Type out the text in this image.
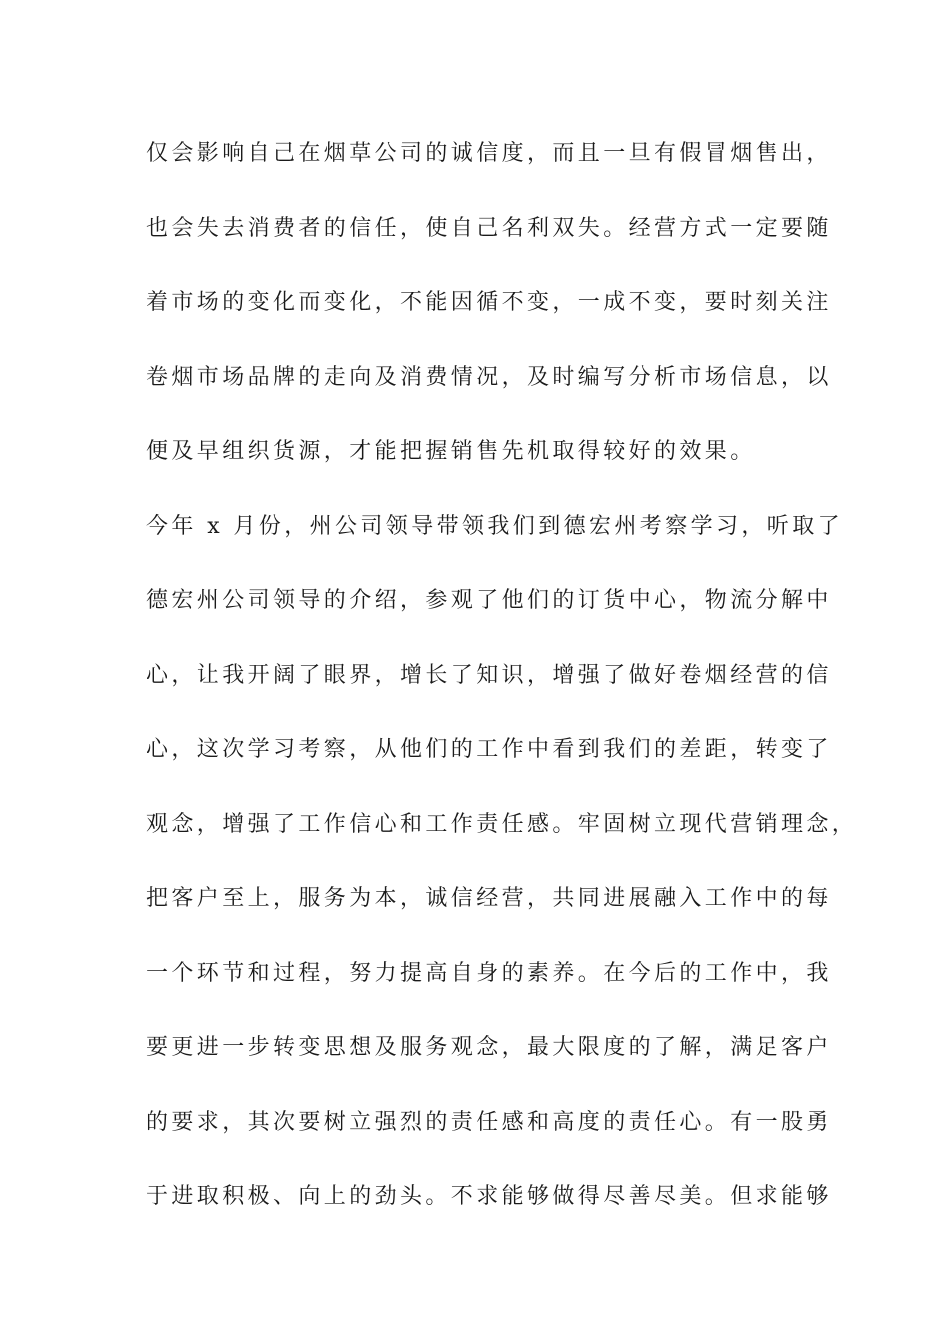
仅会影响自己在烟草公司的诚信度，而且一旦有假冒烟售出，
也会失去消费者的信任，使自己名利双失。经营方式一定要随
着市场的变化而变化，不能因循不变，一成不变，要时刻关注
卷烟市场品牌的走向及消费情况，及时编写分析市场信息，以
便及早组织货源，才能把握销售先机取得较好的效果。
今年 x 月份，州公司领导带领我们到德宏州考察学习，听取了
德宏州公司领导的介绍，参观了他们的订货中心，物流分解中
心，让我开阔了眼界，增长了知识，增强了做好卷烟经营的信
心，这次学习考察，从他们的工作中看到我们的差距，转变了
观念，增强了工作信心和工作责任感。牢固树立现代营销理念，
把客户至上，服务为本，诚信经营，共同进展融入工作中的每
一个环节和过程，努力提高自身的素养。在今后的工作中，我
要更进一步转变思想及服务观念，最大限度的了解，满足客户
的要求，其次要树立强烈的责任感和高度的责任心。有一股勇
于进取积极、向上的劲头。不求能够做得尽善尽美。但求能够
